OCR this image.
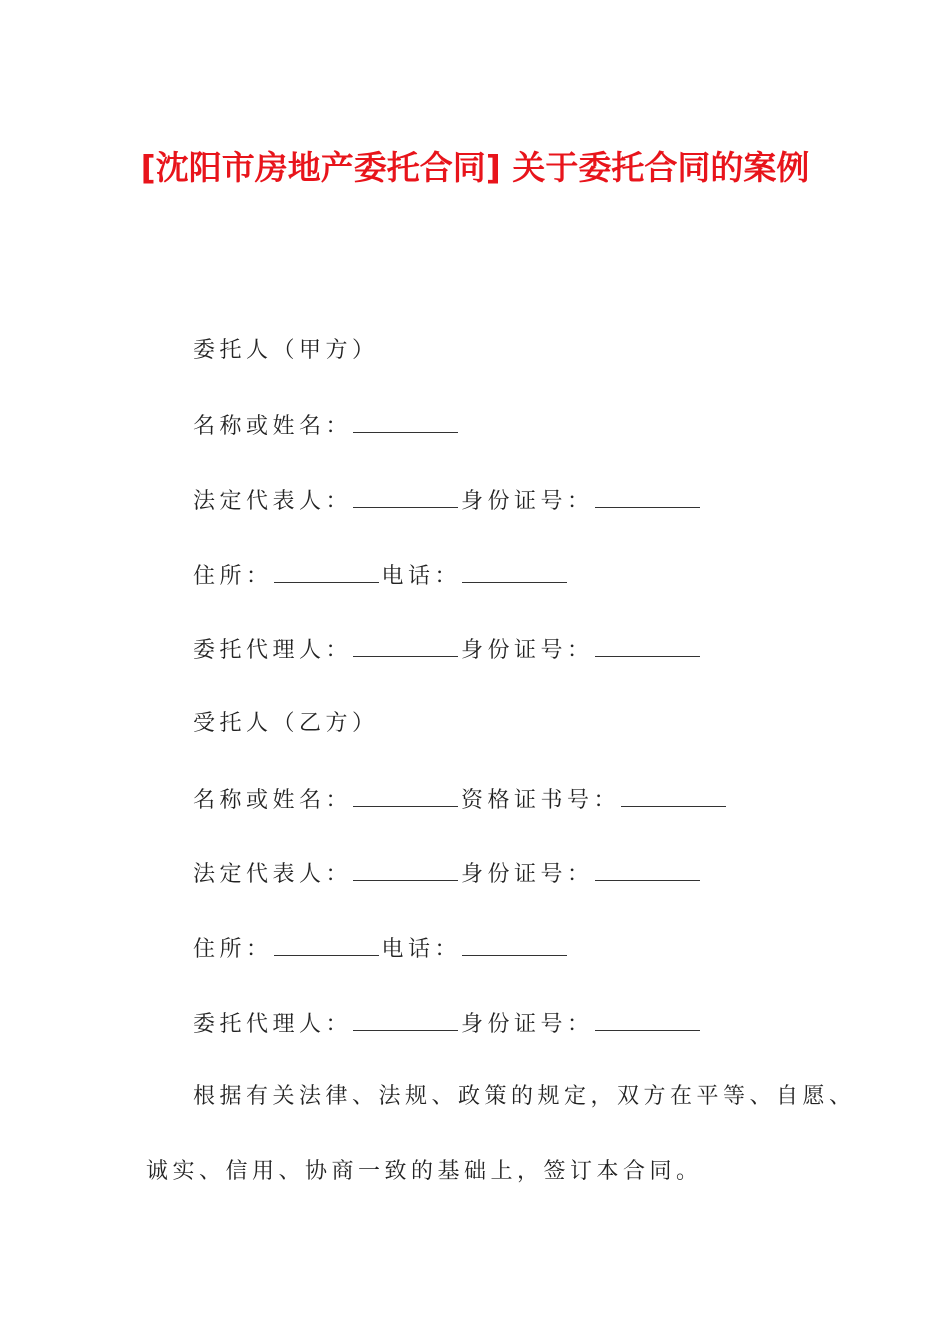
[沈阳市房地产委托合同] 关于委托合同的案例
委托人（甲方）
名称或姓名：
法定代表人：	身份证号：
住所：	电话：
委托代理人：	身份证号：
受托人（乙方）
名称或姓名：	资格证书号：
法定代表人：	身份证号：
住所：	电话：
委托代理人：	身份证号：
根据有关法律、法规、政策的规定，双方在平等、自愿、
诚实、信用、协商一致的基础上，签订本合同。
